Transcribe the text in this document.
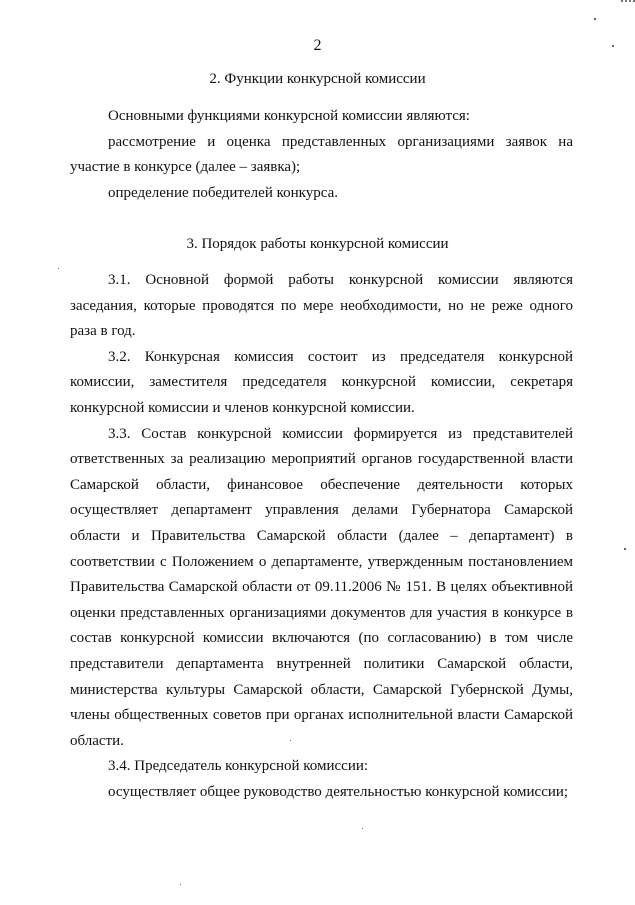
2
2. Функции конкурсной комиссии

Основными функциями конкурсной комиссии являются:

рассмотрение и оценка представленных организациями заявок на участие в конкурсе (далее – заявка);

определение победителей конкурса.

3. Порядок работы конкурсной комиссии

3.1. Основной формой работы конкурсной комиссии являются заседания, которые проводятся по мере необходимости, но не реже одного раза в год.

3.2. Конкурсная комиссия состоит из председателя конкурсной комиссии, заместителя председателя конкурсной комиссии, секретаря конкурсной комиссии и членов конкурсной комиссии.

3.3. Состав конкурсной комиссии формируется из представителей ответственных за реализацию мероприятий органов государственной власти Самарской области, финансовое обеспечение деятельности которых осуществляет департамент управления делами Губернатора Самарской области и Правительства Самарской области (далее – департамент) в соответствии с Положением о департаменте, утвержденным постановлением Правительства Самарской области от 09.11.2006 № 151. В целях объективной оценки представленных организациями документов для участия в конкурсе в состав конкурсной комиссии включаются (по согласованию) в том числе представители департамента внутренней политики Самарской области, министерства культуры Самарской области, Самарской Губернской Думы, члены общественных советов при органах исполнительной власти Самарской области.

3.4. Председатель конкурсной комиссии:

осуществляет общее руководство деятельностью конкурсной комиссии;
